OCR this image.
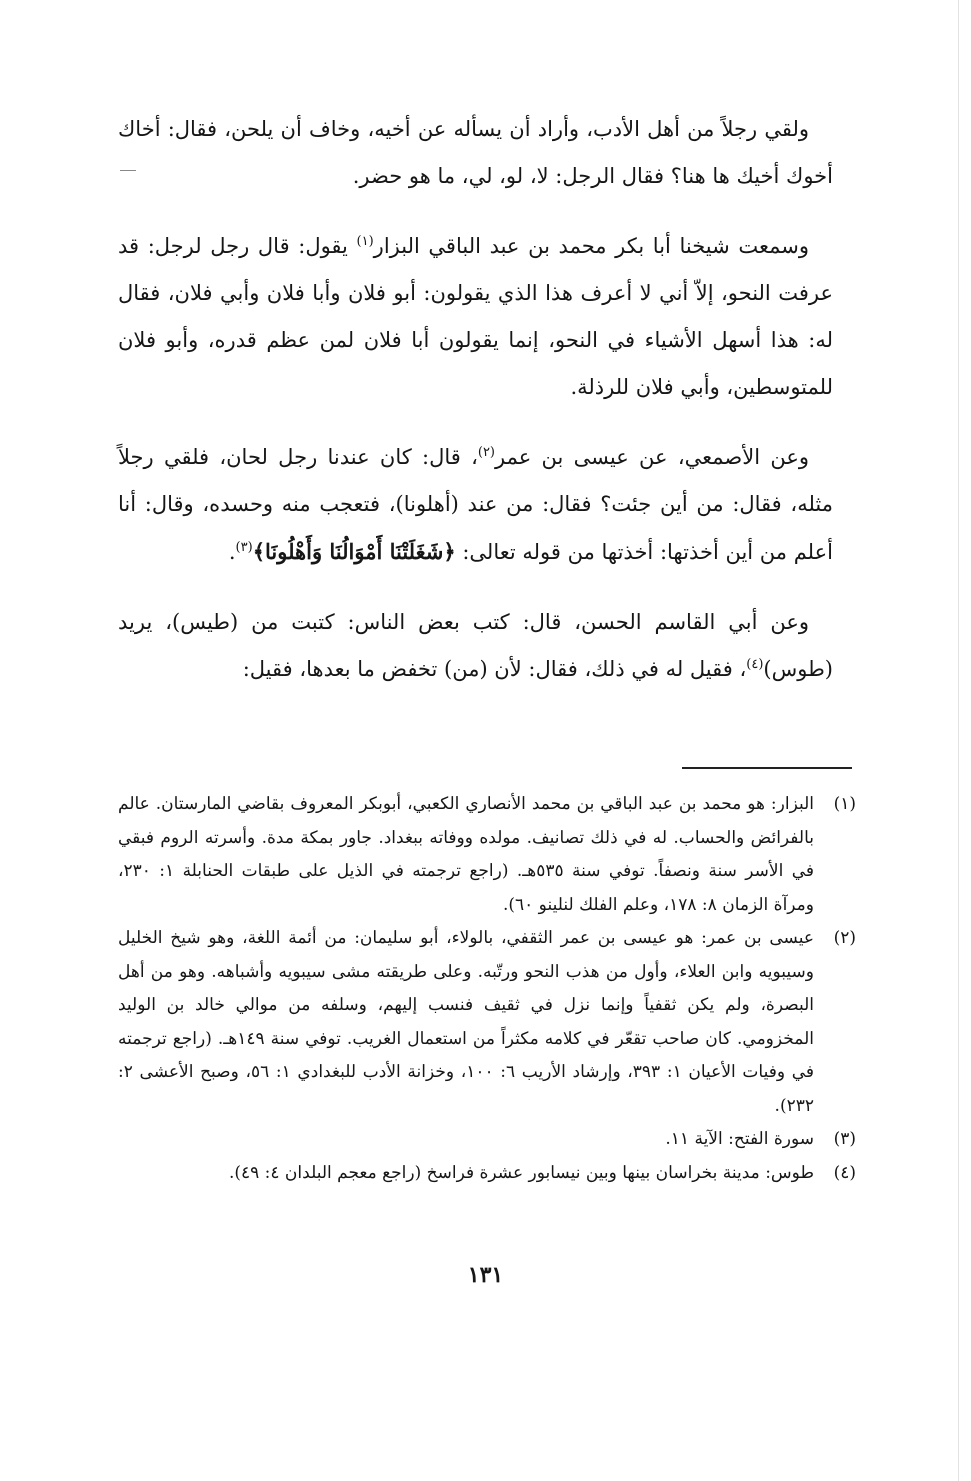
ولقي رجلاً من أهل الأدب، وأراد أن يسأله عن أخيه، وخاف أن يلحن، فقال: أخاك أخوك أخيك ها هنا؟ فقال الرجل: لا، لو، لي، ما هو حضر.

وسمعت شيخنا أبا بكر محمد بن عبد الباقي البزار$^{(١)}$ يقول: قال رجل لرجل: قد عرفت النحو، إلاّ أني لا أعرف هذا الذي يقولون: أبو فلان وأبا فلان وأبي فلان، فقال له: هذا أسهل الأشياء في النحو، إنما يقولون أبا فلان لمن عظم قدره، وأبو فلان للمتوسطين، وأبي فلان للرذلة.

وعن الأصمعي، عن عيسى بن عمر$^{(٢)}$، قال: كان عندنا رجل لحان، فلقي رجلاً مثله، فقال: من أين جئت؟ فقال: من عند (أهلونا)، فتعجب منه وحسده، وقال: أنا أعلم من أين أخذتها: أخذتها من قوله تعالى: ﴿شَغَلَتْنَا أَمْوَالُنَا وَأَهْلُونَا﴾$^{(٣)}$.

وعن أبي القاسم الحسن، قال: كتب بعض الناس: كتبت من (طيس)، يريد (طوس)$^{(٤)}$، فقيل له في ذلك، فقال: لأن (من) تخفض ما بعدها، فقيل:

(١)
البزار: هو محمد بن عبد الباقي بن محمد الأنصاري الكعبي، أبوبكر المعروف بقاضي المارستان. عالم بالفرائض والحساب. له في ذلك تصانيف. مولده ووفاته ببغداد. جاور بمكة مدة. وأسرته الروم فبقي في الأسر سنة ونصفاً. توفي سنة ٥٣٥هـ. (راجع ترجمته في الذيل على طبقات الحنابلة ١: ٢٣٠، ومرآة الزمان ٨: ١٧٨، وعلم الفلك لنلينو ٦٠).
(٢)
عيسى بن عمر: هو عيسى بن عمر الثقفي، بالولاء، أبو سليمان: من أئمة اللغة، وهو شيخ الخليل وسيبويه وابن العلاء، وأول من هذب النحو ورتّبه. وعلى طريقته مشى سيبويه وأشباهه. وهو من أهل البصرة، ولم يكن ثقفياً وإنما نزل في ثقيف فنسب إليهم، وسلفه من موالي خالد بن الوليد المخزومي. كان صاحب تقعّر في كلامه مكثراً من استعمال الغريب. توفي سنة ١٤٩هـ. (راجع ترجمته في وفيات الأعيان ١: ٣٩٣، وإرشاد الأريب ٦: ١٠٠، وخزانة الأدب للبغدادي ١: ٥٦، وصبح الأعشى ٢: ٢٣٢).
(٣)
سورة الفتح: الآية ١١.
(٤)
طوس: مدينة بخراسان بينها وبين نيسابور عشرة فراسخ (راجع معجم البلدان ٤: ٤٩).
١٣١
